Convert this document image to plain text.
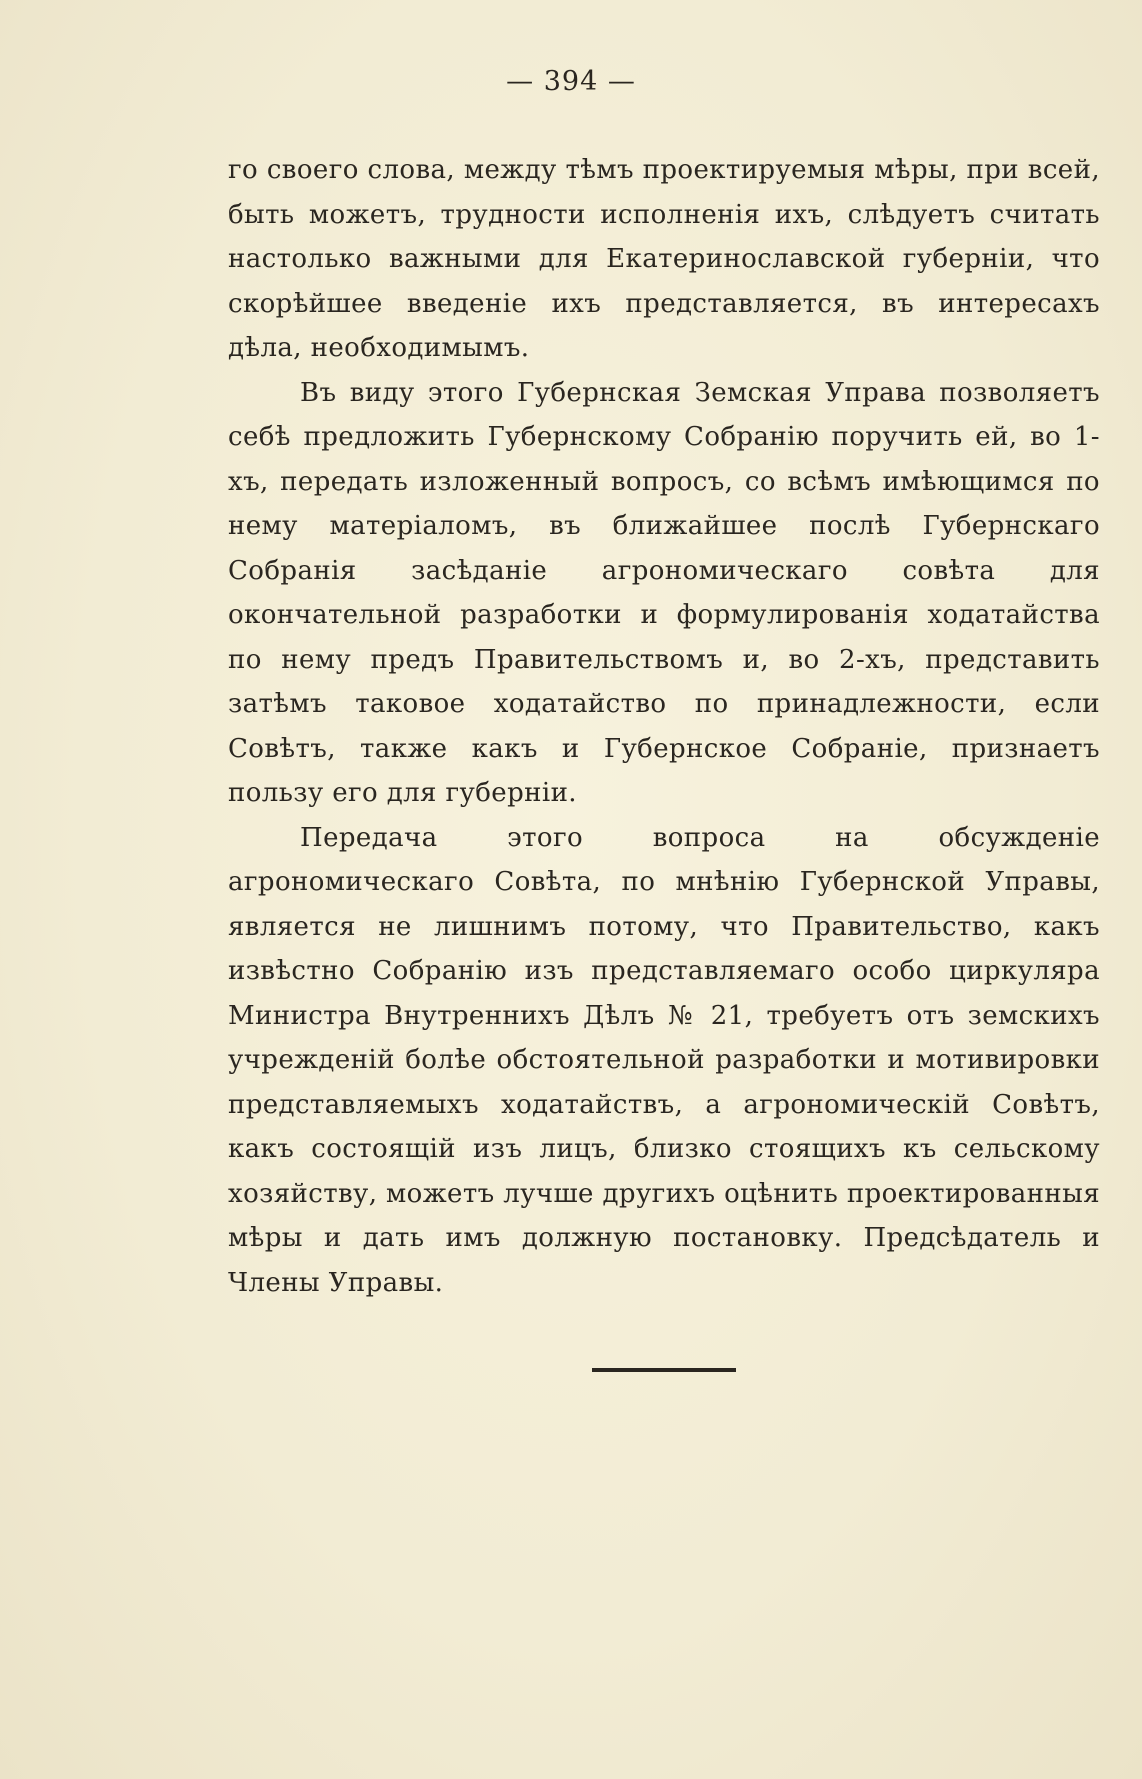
— 394 —

го своего слова, между тѣмъ проектируемыя мѣры, при всей, быть можетъ, трудности исполненія ихъ, слѣдуетъ считать настолько важными для Екатеринославской губерніи, что скорѣйшее введеніе ихъ представляется, въ интересахъ дѣла, необходимымъ.

Въ виду этого Губернская Земская Управа позволяетъ себѣ предложить Губернскому Собранію поручить ей, во 1-хъ, передать изложенный вопросъ, со всѣмъ имѣющимся по нему матеріаломъ, въ ближайшее послѣ Губернскаго Собранія засѣданіе агрономическаго совѣта для окончательной разработки и формулированія ходатайства по нему предъ Правительствомъ и, во 2-хъ, представить затѣмъ таковое ходатайство по принадлежности, если Совѣтъ, также какъ и Губернское Собраніе, признаетъ пользу его для губерніи.

Передача этого вопроса на обсужденіе агрономическаго Совѣта, по мнѣнію Губернской Управы, является не лишнимъ потому, что Правительство, какъ извѣстно Собранію изъ представляемаго особо циркуляра Министра Внутреннихъ Дѣлъ № 21, требуетъ отъ земскихъ учрежденій болѣе обстоятельной разработки и мотивировки представляемыхъ ходатайствъ, а агрономическій Совѣтъ, какъ состоящій изъ лицъ, близко стоящихъ къ сельскому хозяйству, можетъ лучше другихъ оцѣнить проектированныя мѣры и дать имъ должную постановку. Предсѣдатель и Члены Управы.
